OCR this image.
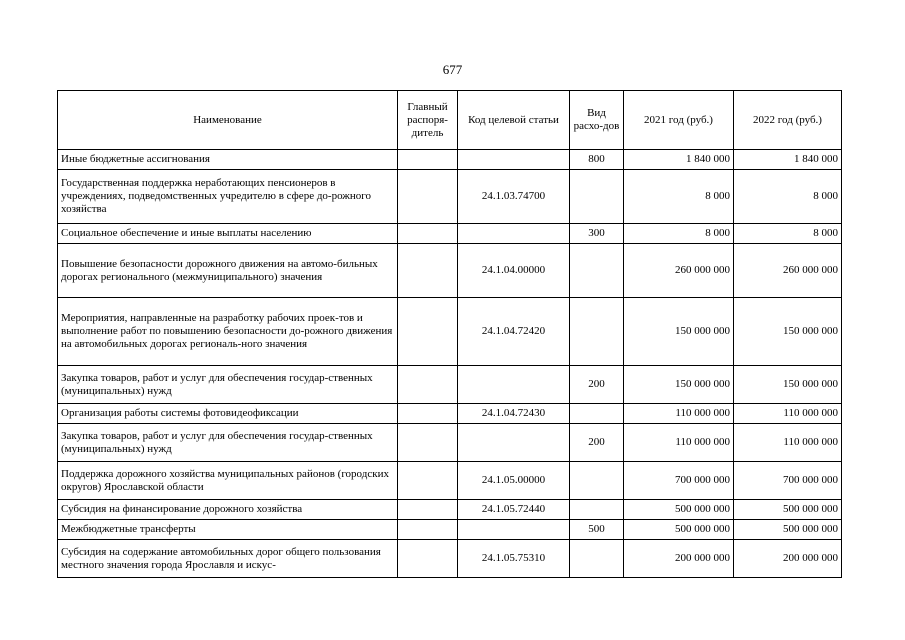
677
Наименование	Главный распоря-дитель	Код целевой статьи	Вид расхо-дов	2021 год (руб.)	2022 год (руб.)
Иные бюджетные ассигнования			800	1 840 000	1 840 000
Государственная поддержка неработающих пенсионеров в учреждениях, подведомственных учредителю в сфере до-рожного хозяйства		24.1.03.74700		8 000	8 000
Социальное обеспечение и иные выплаты населению			300	8 000	8 000
Повышение безопасности дорожного движения на автомо-бильных дорогах регионального (межмуниципального) значения		24.1.04.00000		260 000 000	260 000 000
Мероприятия, направленные на разработку рабочих проек-тов и выполнение работ по повышению безопасности до-рожного движения на автомобильных дорогах региональ-ного значения		24.1.04.72420		150 000 000	150 000 000
Закупка товаров, работ и услуг для обеспечения государ-ственных (муниципальных) нужд			200	150 000 000	150 000 000
Организация работы системы фотовидеофиксации		24.1.04.72430		110 000 000	110 000 000
Закупка товаров, работ и услуг для обеспечения государ-ственных (муниципальных) нужд			200	110 000 000	110 000 000
Поддержка дорожного хозяйства муниципальных районов (городских округов) Ярославской области		24.1.05.00000		700 000 000	700 000 000
Субсидия на финансирование дорожного хозяйства		24.1.05.72440		500 000 000	500 000 000
Межбюджетные трансферты			500	500 000 000	500 000 000
Субсидия на содержание автомобильных дорог общего пользования местного значения города Ярославля и искус-		24.1.05.75310		200 000 000	200 000 000
